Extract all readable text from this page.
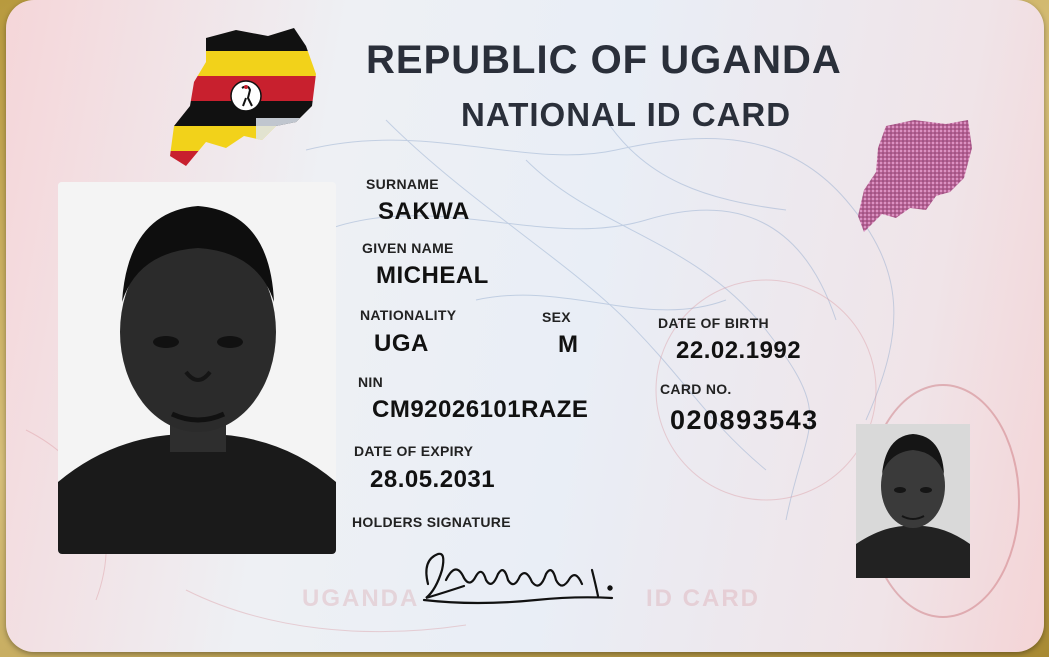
REPUBLIC OF UGANDA
NATIONAL ID CARD
SURNAME
SAKWA
GIVEN NAME
MICHEAL
NATIONALITY
UGA
SEX
M
DATE OF BIRTH
22.02.1992
NIN
CM92026101RAZE
CARD NO.
020893543
DATE OF EXPIRY
28.05.2031
HOLDERS SIGNATURE
UGANDA	ID CARD
